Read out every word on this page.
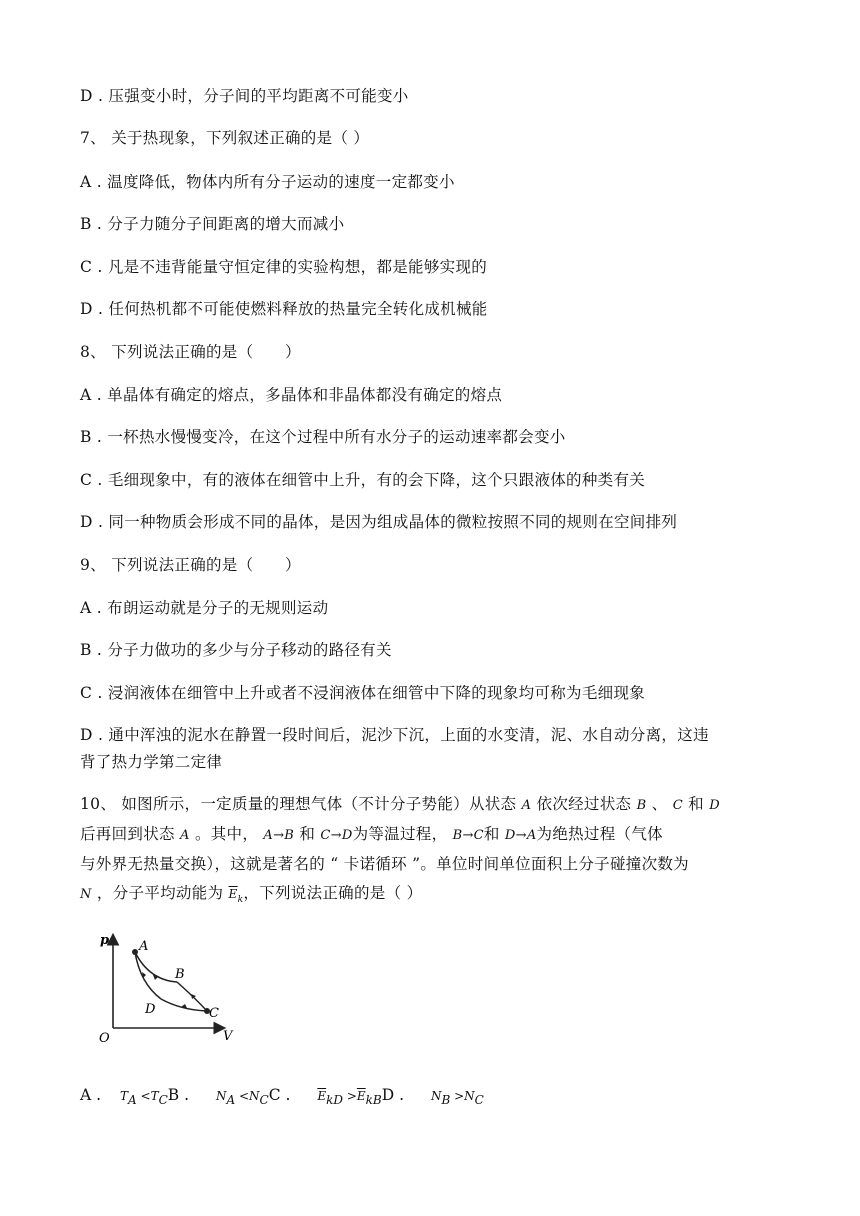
D . 压强变小时，分子间的平均距离不可能变小
7、 关于热现象，下列叙述正确的是（ ）
A . 温度降低，物体内所有分子运动的速度一定都变小
B . 分子力随分子间距离的增大而减小
C . 凡是不违背能量守恒定律的实验构想，都是能够实现的
D . 任何热机都不可能使燃料释放的热量完全转化成机械能
8、 下列说法正确的是（　　）
A . 单晶体有确定的熔点，多晶体和非晶体都没有确定的熔点
B . 一杯热水慢慢变冷，在这个过程中所有水分子的运动速率都会变小
C . 毛细现象中，有的液体在细管中上升，有的会下降，这个只跟液体的种类有关
D . 同一种物质会形成不同的晶体，是因为组成晶体的微粒按照不同的规则在空间排列
9、 下列说法正确的是（　　）
A . 布朗运动就是分子的无规则运动
B . 分子力做功的多少与分子移动的路径有关
C . 浸润液体在细管中上升或者不浸润液体在细管中下降的现象均可称为毛细现象
D . 通中浑浊的泥水在静置一段时间后，泥沙下沉，上面的水变清，泥、水自动分离，这违
背了热力学第二定律
10、 如图所示，一定质量的理想气体（不计分子势能）从状态 A 依次经过状态 B 、 C 和 D
后再回到状态 A 。其中， A→B 和 C→D为等温过程， B→C和 D→A为绝热过程（气体
与外界无热量交换），这就是著名的 “ 卡诺循环 ”。单位时间单位面积上分子碰撞次数为
N ，分子平均动能为 $\overline{E}_k$，下列说法正确的是（ ）
p
V
O
A
B
C
D
A . $T_A <T_CB$ . $N_A <N_CC$ . $\overline{E}_{kD} >\overline{E}_{kB}D$ . $N_B >N_C$
